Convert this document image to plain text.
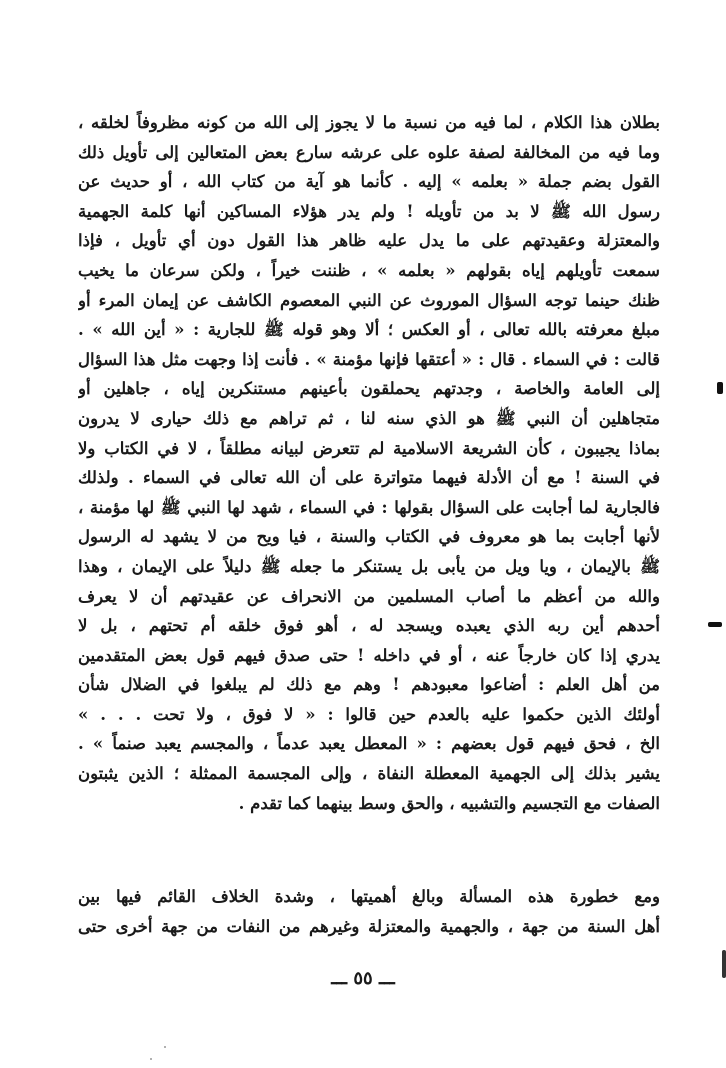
بطلان هذا الكلام ، لما فيه من نسبة ما لا يجوز إلى الله من كونه مظروفاً لخلقه ،
وما فيه من المخالفة لصفة علوه على عرشه سارع بعض المتعالين إلى تأويل ذلك
القول بضم جملة « بعلمه » إليه . كأنما هو آية من كتاب الله ، أو حديث عن
رسول الله ﷺ لا بد من تأويله ! ولم يدر هؤلاء المساكين أنها كلمة الجهمية
والمعتزلة وعقيدتهم على ما يدل عليه ظاهر هذا القول دون أي تأويل ، فإذا
سمعت تأويلهم إياه بقولهم « بعلمه » ، ظننت خيراً ، ولكن سرعان ما يخيب
ظنك حينما توجه السؤال الموروث عن النبي المعصوم الكاشف عن إيمان المرء أو
مبلغ معرفته بالله تعالى ، أو العكس ؛ ألا وهو قوله ﷺ للجارية : « أين الله » .
قالت : في السماء . قال : « أعتقها فإنها مؤمنة » . فأنت إذا وجهت مثل هذا السؤال
إلى العامة والخاصة ، وجدتهم يحملقون بأعينهم مستنكرين إياه ، جاهلين أو
متجاهلين أن النبي ﷺ هو الذي سنه لنا ، ثم تراهم مع ذلك حيارى لا يدرون
بماذا يجيبون ، كأن الشريعة الاسلامية لم تتعرض لبيانه مطلقاً ، لا في الكتاب ولا
في السنة ! مع أن الأدلة فيهما متواترة على أن الله تعالى في السماء . ولذلك
فالجارية لما أجابت على السؤال بقولها : في السماء ، شهد لها النبي ﷺ لها مؤمنة ،
لأنها أجابت بما هو معروف في الكتاب والسنة ، فيا ويح من لا يشهد له الرسول
ﷺ بالإيمان ، ويا ويل من يأبى بل يستنكر ما جعله ﷺ دليلاً على الإيمان ، وهذا
والله من أعظم ما أصاب المسلمين من الانحراف عن عقيدتهم أن لا يعرف
أحدهم أين ربه الذي يعبده ويسجد له ، أهو فوق خلقه أم تحتهم ، بل لا
يدري إذا كان خارجاً عنه ، أو في داخله ! حتى صدق فيهم قول بعض المتقدمين
من أهل العلم : أضاعوا معبودهم ! وهم مع ذلك لم يبلغوا في الضلال شأن
أولئك الذين حكموا عليه بالعدم حين قالوا : « لا فوق ، ولا تحت . . . »
الخ ، فحق فيهم قول بعضهم : « المعطل يعبد عدماً ، والمجسم يعبد صنماً » .
يشير بذلك إلى الجهمية المعطلة النفاة ، وإلى المجسمة الممثلة ؛ الذين يثبتون
الصفات مع التجسيم والتشبيه ، والحق وسط بينهما كما تقدم .
ومع خطورة هذه المسألة وبالغ أهميتها ، وشدة الخلاف القائم فيها بين
أهل السنة من جهة ، والجهمية والمعتزلة وغيرهم من النفات من جهة أخرى حتى
ـــ ٥٥ ـــ
